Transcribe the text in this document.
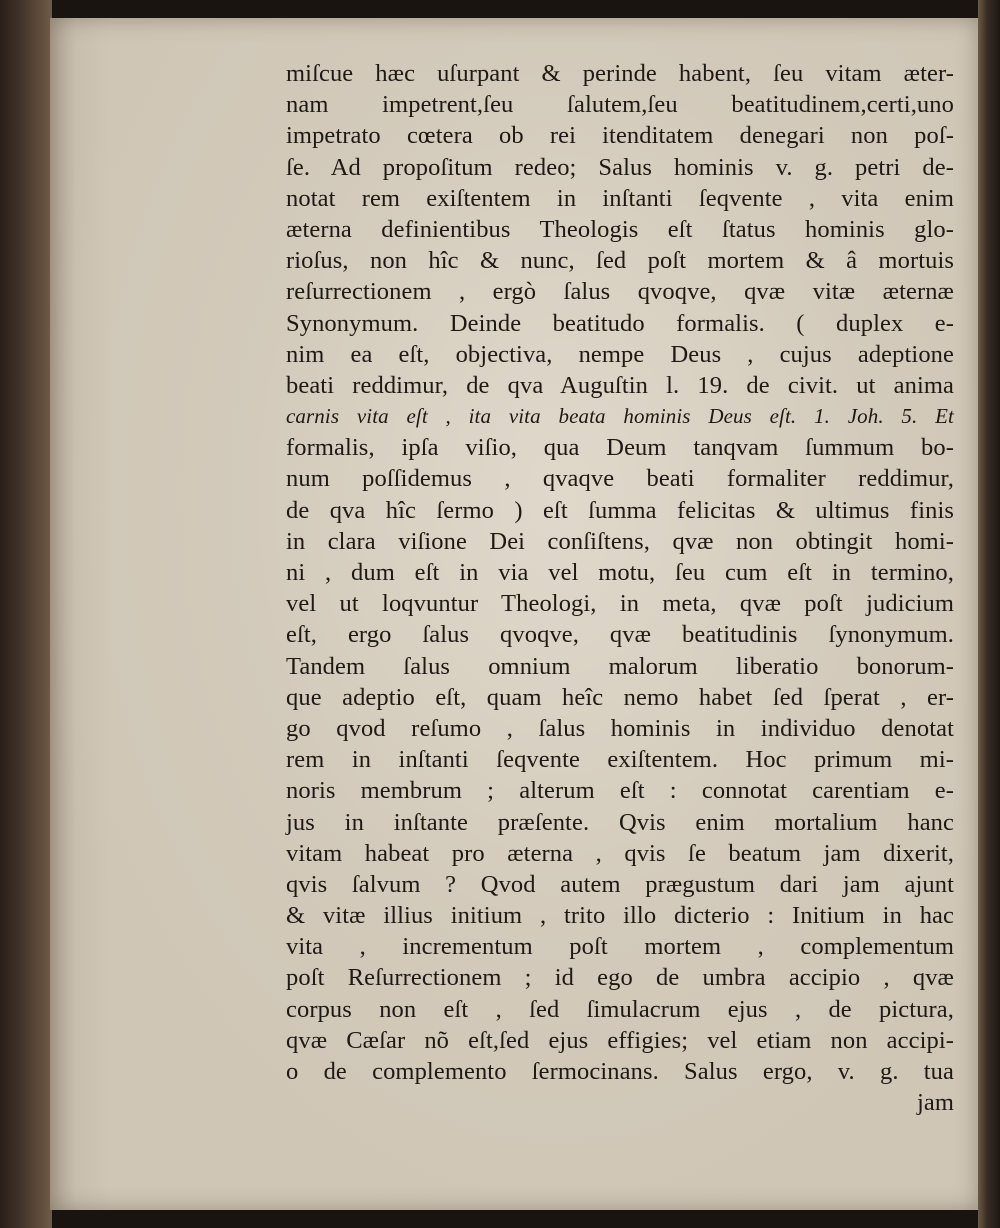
miſcue hæc uſurpant & perinde habent, ſeu vitam æter-
nam impetrent,ſeu ſalutem,ſeu beatitudinem,certi,uno
impetrato cœtera ob rei itenditatem denegari non poſ-
ſe. Ad propoſitum redeo; Salus hominis v. g. petri de-
notat rem exiſtentem in inſtanti ſeqvente , vita enim
æterna definientibus Theologis eſt ſtatus hominis glo-
rioſus, non hîc & nunc, ſed poſt mortem & â mortuis
reſurrectionem , ergò ſalus qvoqve, qvæ vitæ æternæ
Synonymum. Deinde beatitudo formalis. ( duplex e-
nim ea eſt, objectiva, nempe Deus , cujus adeptione
beati reddimur, de qva Auguſtin l. 19. de civit. ut anima
carnis vita eſt , ita vita beata hominis Deus eſt. 1. Joh. 5. Et
formalis, ipſa viſio, qua Deum tanqvam ſummum bo-
num poſſidemus , qvaqve beati formaliter reddimur,
de qva hîc ſermo ) eſt ſumma felicitas & ultimus finis
in clara viſione Dei conſiſtens, qvæ non obtingit homi-
ni , dum eſt in via vel motu, ſeu cum eſt in termino,
vel ut loqvuntur Theologi, in meta, qvæ poſt judicium
eſt, ergo ſalus qvoqve, qvæ beatitudinis ſynonymum.
Tandem ſalus omnium malorum liberatio bonorum-
que adeptio eſt, quam heîc nemo habet ſed ſperat , er-
go qvod reſumo , ſalus hominis in individuo denotat
rem in inſtanti ſeqvente exiſtentem. Hoc primum mi-
noris membrum ; alterum eſt : connotat carentiam e-
jus in inſtante præſente. Qvis enim mortalium hanc
vitam habeat pro æterna , qvis ſe beatum jam dixerit,
qvis ſalvum ? Qvod autem prægustum dari jam ajunt
& vitæ illius initium , trito illo dicterio : Initium in hac
vita , incrementum poſt mortem , complementum
poſt Reſurrectionem ; id ego de umbra accipio , qvæ
corpus non eſt , ſed ſimulacrum ejus , de pictura,
qvæ Cæſar nõ eſt,ſed ejus effigies; vel etiam non accipi-
o de complemento ſermocinans. Salus ergo, v. g. tua
jam
